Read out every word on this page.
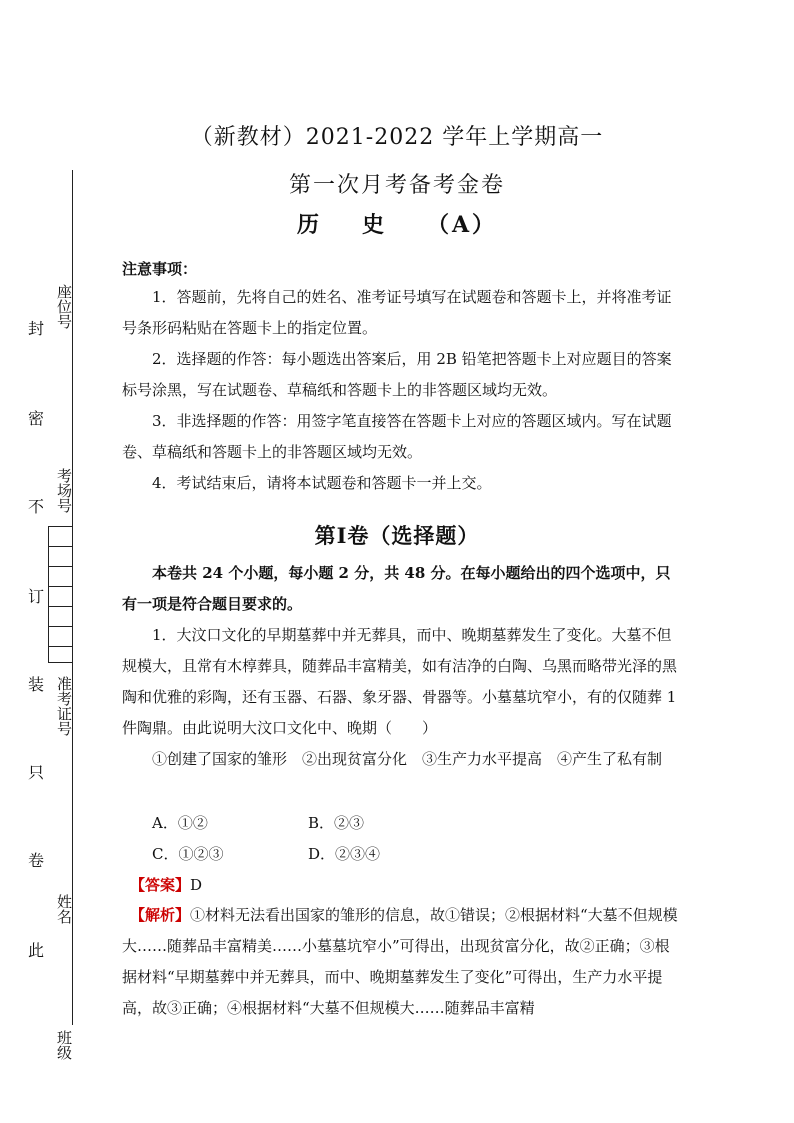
封
密
不
订
装
只
卷
此
座位号
考场号
准考证号
姓名
班级
（新教材）2021-2022 学年上学期高一
第一次月考备考金卷
历 史 （A）
注意事项：
1．答题前，先将自己的姓名、准考证号填写在试题卷和答题卡上，并将准考证号条形码粘贴在答题卡上的指定位置。
2．选择题的作答：每小题选出答案后，用 2B 铅笔把答题卡上对应题目的答案标号涂黑，写在试题卷、草稿纸和答题卡上的非答题区域均无效。
3．非选择题的作答：用签字笔直接答在答题卡上对应的答题区域内。写在试题卷、草稿纸和答题卡上的非答题区域均无效。
4．考试结束后，请将本试题卷和答题卡一并上交。
第Ⅰ卷（选择题）
本卷共 24 个小题，每小题 2 分，共 48 分。在每小题给出的四个选项中，只有一项是符合题目要求的。
1．大汶口文化的早期墓葬中并无葬具，而中、晚期墓葬发生了变化。大墓不但规模大，且常有木椁葬具，随葬品丰富精美，如有洁净的白陶、乌黑而略带光泽的黑陶和优雅的彩陶，还有玉器、石器、象牙器、骨器等。小墓墓坑窄小，有的仅随葬 1 件陶鼎。由此说明大汶口文化中、晚期（　　）
①创建了国家的雏形　②出现贫富分化　③生产力水平提高　④产生了私有制
A．①②	B．②③
C．①②③	D．②③④
【答案】D
【解析】①材料无法看出国家的雏形的信息，故①错误；②根据材料“大墓不但规模大……随葬品丰富精美……小墓墓坑窄小”可得出，出现贫富分化，故②正确；③根据材料“早期墓葬中并无葬具，而中、晚期墓葬发生了变化”可得出，生产力水平提高，故③正确；④根据材料“大墓不但规模大……随葬品丰富精
